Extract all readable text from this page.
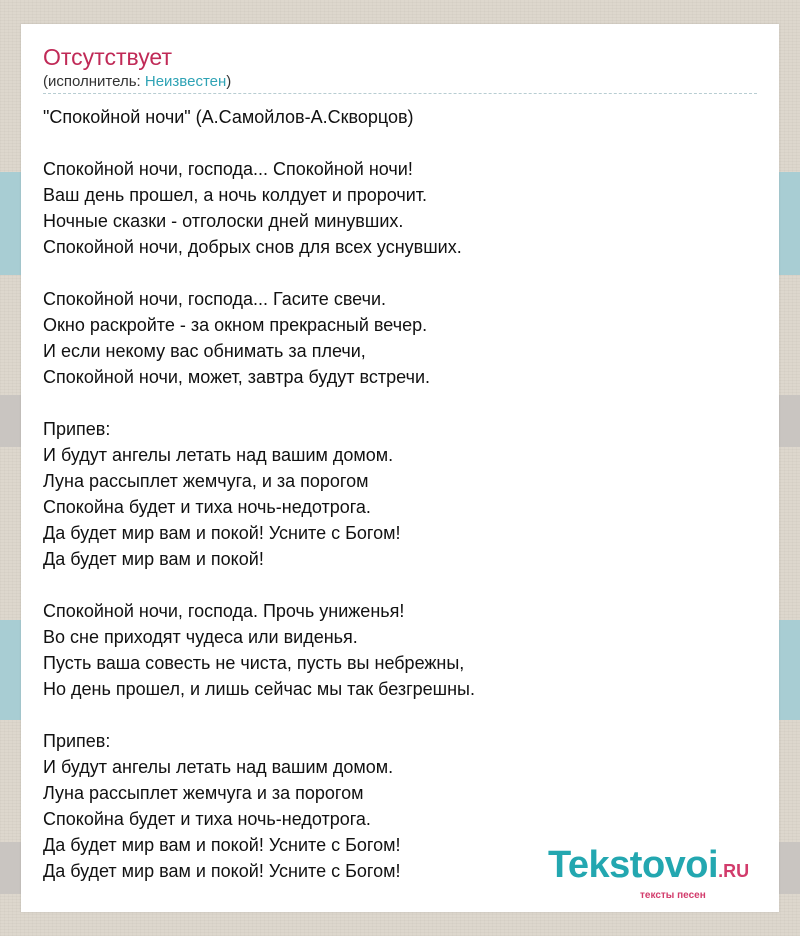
Отсутствует
(исполнитель: Неизвестен)
"Спокойной ночи" (А.Самойлов-А.Скворцов)
Спокойной ночи, господа... Спокойной ночи!
Ваш день прошел, а ночь колдует и пророчит.
Ночные сказки - отголоски дней минувших.
Спокойной ночи, добрых снов для всех уснувших.
Спокойной ночи, господа... Гасите свечи.
Окно раскройте - за окном прекрасный вечер.
И если некому вас обнимать за плечи,
Спокойной ночи, может, завтра будут встречи.
Припев:
И будут ангелы летать над вашим домом.
Луна рассыплет жемчуга, и за порогом
Спокойна будет и тиха ночь-недотрога.
Да будет мир вам и покой! Усните с Богом!
Да будет мир вам и покой!
Спокойной ночи, господа. Прочь униженья!
Во сне приходят чудеса или виденья.
Пусть ваша совесть не чиста, пусть вы небрежны,
Но день прошел, и лишь сейчас мы так безгрешны.
Припев:
И будут ангелы летать над вашим домом.
Луна рассыплет жемчуга и за порогом
Спокойна будет и тиха ночь-недотрога.
Да будет мир вам и покой! Усните с Богом!
Да будет мир вам и покой! Усните с Богом!	Tekstovoi.RU
тексты песен
